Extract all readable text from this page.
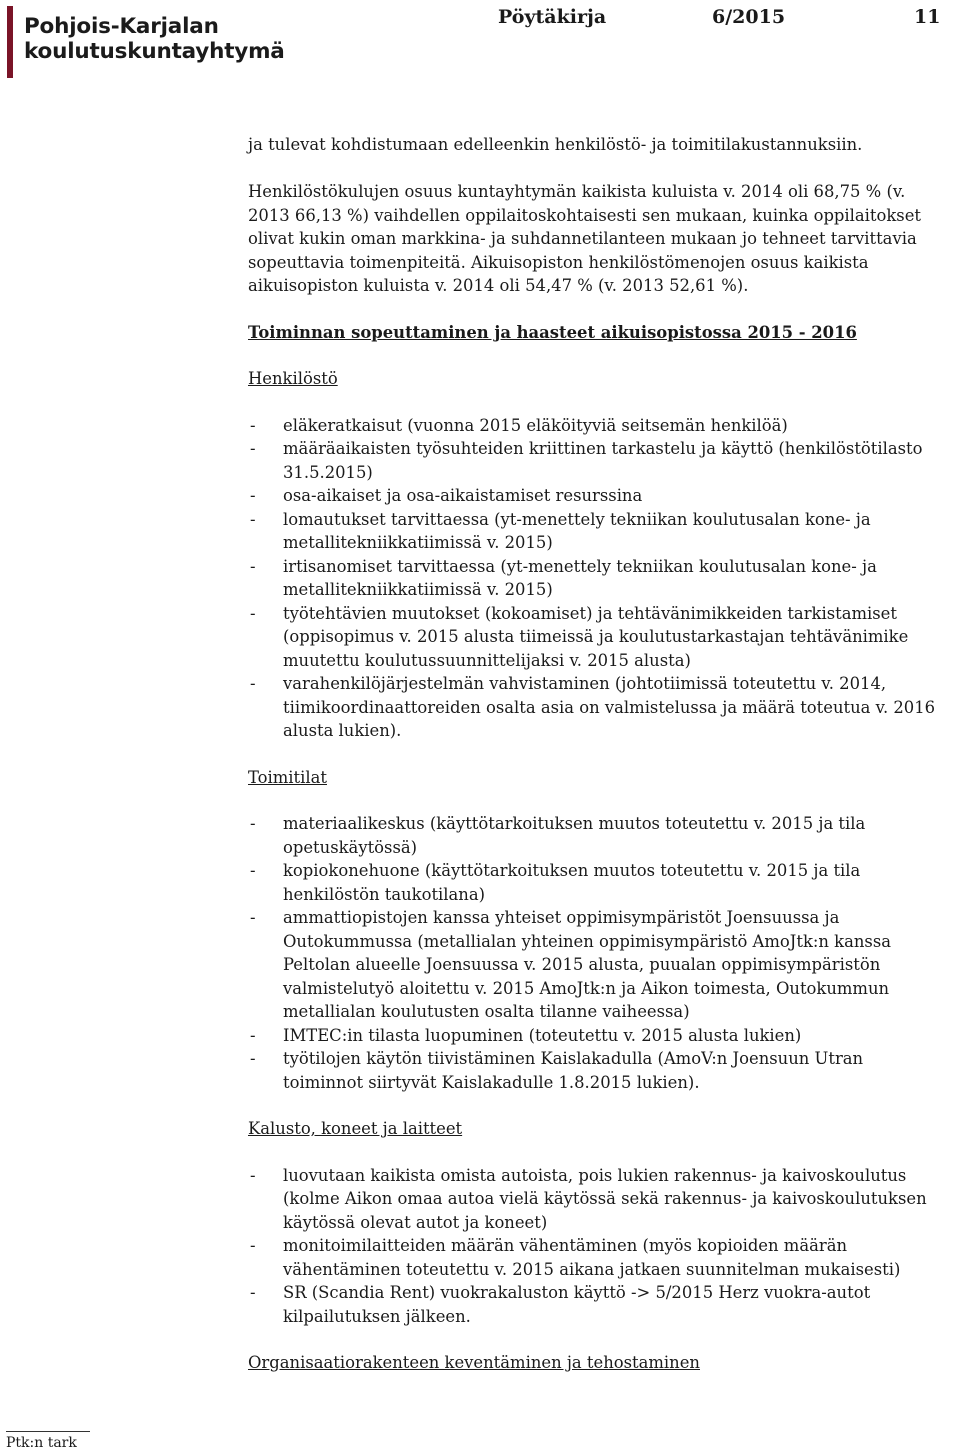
Pohjois-Karjalan
koulutuskuntayhtymä
Pöytäkirja	6/2015	11

ja tulevat kohdistumaan edelleenkin henkilöstö- ja toimitilakustannuksiin.

Henkilöstökulujen osuus kuntayhtymän kaikista kuluista v. 2014 oli 68,75 % (v. 2013 66,13 %) vaihdellen oppilaitoskohtaisesti sen mukaan, kuinka oppilaitokset olivat kukin oman markkina- ja suhdannetilanteen mukaan jo tehneet tarvittavia sopeuttavia toimenpiteitä. Aikuisopiston henkilöstömenojen osuus kaikista aikuisopiston kuluista v. 2014 oli 54,47 % (v. 2013 52,61 %).

Toiminnan sopeuttaminen ja haasteet aikuisopistossa 2015 - 2016

Henkilöstö

- eläkeratkaisut (vuonna 2015 eläköityviä seitsemän henkilöä)
- määräaikaisten työsuhteiden kriittinen tarkastelu ja käyttö (henkilöstötilasto 31.5.2015)
- osa-aikaiset ja osa-aikaistamiset resurssina
- lomautukset tarvittaessa (yt-menettely tekniikan koulutusalan kone- ja metallitekniikkatiimissä v. 2015)
- irtisanomiset tarvittaessa (yt-menettely tekniikan koulutusalan kone- ja metallitekniikkatiimissä v. 2015)
- työtehtävien muutokset (kokoamiset) ja tehtävänimikkeiden tarkistamiset (oppisopimus v. 2015 alusta tiimeissä ja koulutustarkastajan tehtävänimike muutettu koulutussuunnittelijaksi v. 2015 alusta)
- varahenkilöjärjestelmän vahvistaminen (johtotiimissä toteutettu v. 2014, tiimikoordinaattoreiden osalta asia on valmistelussa ja määrä toteutua v. 2016 alusta lukien).

Toimitilat

- materiaalikeskus (käyttötarkoituksen muutos toteutettu v. 2015 ja tila opetuskäytössä)
- kopiokonehuone (käyttötarkoituksen muutos toteutettu v. 2015 ja tila henkilöstön taukotilana)
- ammattiopistojen kanssa yhteiset oppimisympäristöt Joensuussa ja Outokummussa (metallialan yhteinen oppimisympäristö AmoJtk:n kanssa Peltolan alueelle Joensuussa v. 2015 alusta, puualan oppimisympäristön valmistelutyö aloitettu v. 2015 AmoJtk:n ja Aikon toimesta, Outokummun metallialan koulutusten osalta tilanne vaiheessa)
- IMTEC:in tilasta luopuminen (toteutettu v. 2015 alusta lukien)
- työtilojen käytön tiivistäminen Kaislakadulla (AmoV:n Joensuun Utran toiminnot siirtyvät Kaislakadulle 1.8.2015 lukien).

Kalusto, koneet ja laitteet

- luovutaan kaikista omista autoista, pois lukien rakennus- ja kaivoskoulutus (kolme Aikon omaa autoa vielä käytössä sekä rakennus- ja kaivoskoulutuksen käytössä olevat autot ja koneet)
- monitoimilaitteiden määrän vähentäminen (myös kopioiden määrän vähentäminen toteutettu v. 2015 aikana jatkaen suunnitelman mukaisesti)
- SR (Scandia Rent) vuokrakaluston käyttö -> 5/2015 Herz vuokra-autot kilpailutuksen jälkeen.

Organisaatiorakenteen keventäminen ja tehostaminen

Ptk:n tark
